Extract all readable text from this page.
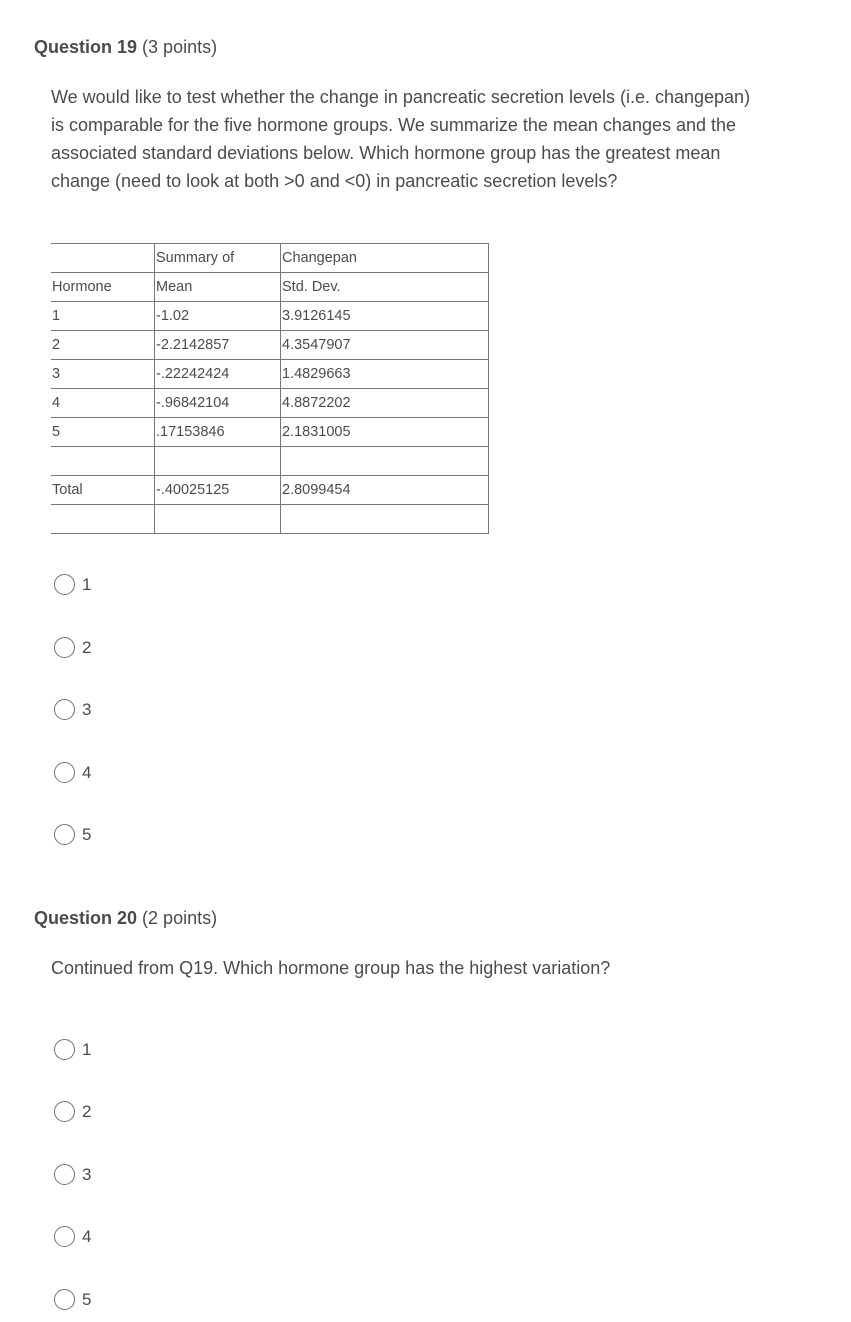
Question 19 (3 points)
We would like to test whether the change in pancreatic secretion levels (i.e. changepan) is comparable for the five hormone groups. We summarize the mean changes and the associated standard deviations below. Which hormone group has the greatest mean change (need to look at both >0 and <0) in pancreatic secretion levels?
	Summary of	Changepan
Hormone	Mean	Std. Dev.
1	-1.02	3.9126145
2	-2.2142857	4.3547907
3	-.22242424	1.4829663
4	-.96842104	4.8872202
5	.17153846	2.1831005

Total	-.40025125	2.8099454

1
2
3
4
5
Question 20 (2 points)
Continued from Q19. Which hormone group has the highest variation?
1
2
3
4
5
